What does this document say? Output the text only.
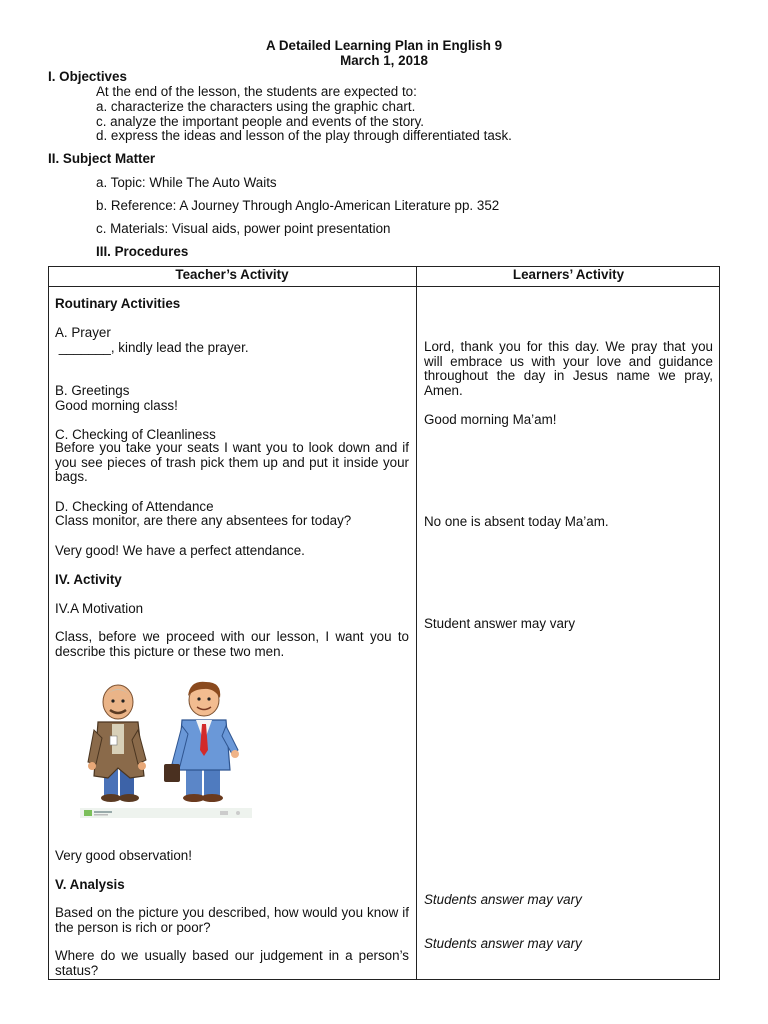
A Detailed Learning Plan in English 9
March 1, 2018
I. Objectives
At the end of the lesson, the students are expected to:
a. characterize the characters using the graphic chart.
c. analyze the important people and events of the story.
d. express the ideas and lesson of the play through differentiated task.
II. Subject Matter
a. Topic: While The Auto Waits
b. Reference: A Journey Through Anglo-American Literature pp. 352
c. Materials: Visual aids, power point presentation
III. Procedures
Teacher’s Activity	Learners’ Activity
Routinary Activities
A. Prayer
_______, kindly lead the prayer.
B. Greetings
Good morning class!
C. Checking of Cleanliness
Before you take your seats I want you to look down and if you see pieces of trash pick them up and put it inside your bags.
D. Checking of Attendance
Class monitor, are there any absentees for today?
Very good! We have a perfect attendance.
IV. Activity
IV.A Motivation
Class, before we proceed with our lesson, I want you to describe this picture or these two men.
Very good observation!
V. Analysis
Based on the picture you described, how would you know if the person is rich or poor?
Where do we usually based our judgement in a person’s status?
Lord, thank you for this day. We pray that you will embrace us with your love and guidance throughout the day in Jesus name we pray, Amen.
Good morning Ma’am!
No one is absent today Ma’am.
Student answer may vary
Students answer may vary
Students answer may vary
